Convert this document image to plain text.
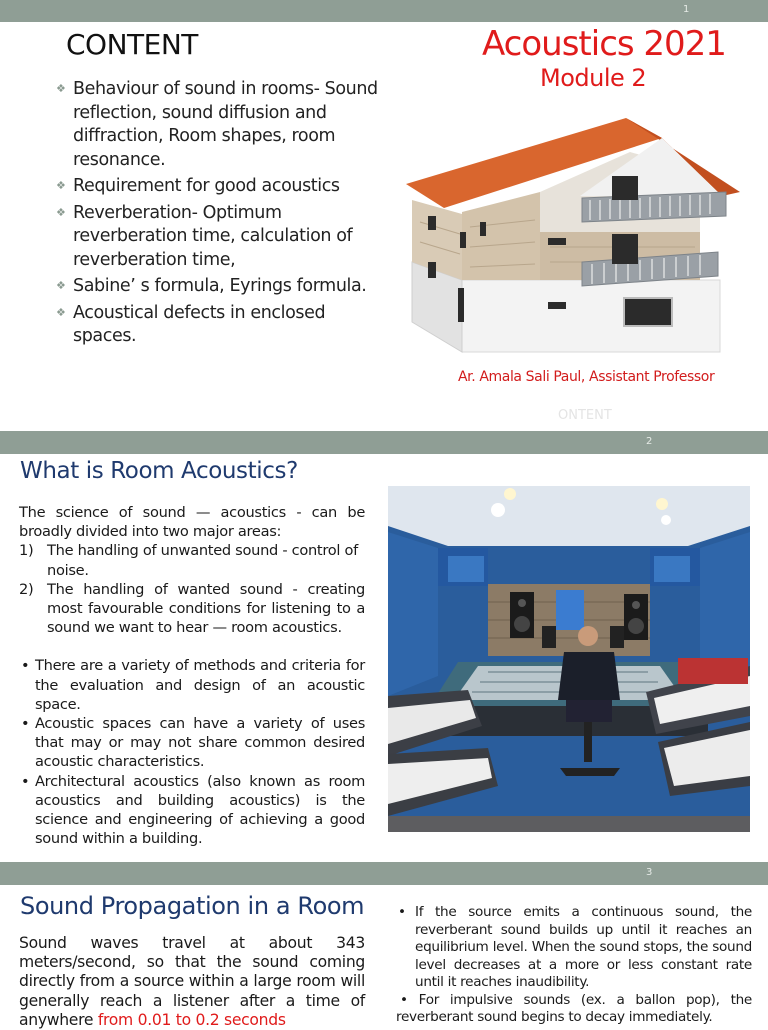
1
CONTENT	Acoustics 2021
Module 2
❖ Behaviour of sound in rooms- Sound reflection, sound diffusion and diffraction, Room shapes, room resonance.
❖ Requirement for good acoustics
❖ Reverberation- Optimum reverberation time, calculation of reverberation time,
❖ Sabine’ s formula, Eyrings formula.
❖ Acoustical defects in enclosed spaces.
Ar. Amala Sali Paul, Assistant Professor
ONTENT
2
What is Room Acoustics?
The science of sound — acoustics - can be broadly divided into two major areas:
1) The handling of unwanted sound - control of noise.
2) The handling of wanted sound - creating most favourable conditions for listening to a sound we want to hear — room acoustics.
• There are a variety of methods and criteria for the evaluation and design of an acoustic space.
• Acoustic spaces can have a variety of uses that may or may not share common desired acoustic characteristics.
• Architectural acoustics (also known as room acoustics and building acoustics) is the science and engineering of achieving a good sound within a building.
3
Sound Propagation in a Room
Sound waves travel at about 343 meters/second, so that the sound coming directly from a source within a large room will generally reach a listener after a time of anywhere from 0.01 to 0.2 seconds
• If the source emits a continuous sound, the reverberant sound builds up until it reaches an equilibrium level. When the sound stops, the sound level decreases at a more or less constant rate until it reaches inaudibility.
• For impulsive sounds (ex. a ballon pop), the reverberant sound begins to decay immediately.
